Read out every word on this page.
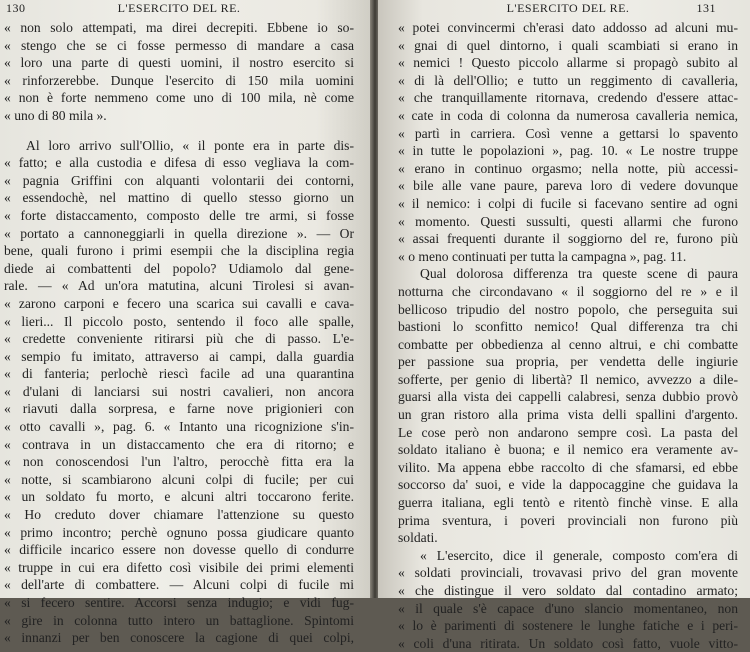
130	L'ESERCITO DEL RE.
« non solo attempati, ma direi decrepiti. Ebbene io so-
« stengo che se ci fosse permesso di mandare a casa
« loro una parte di questi uomini, il nostro esercito si
« rinforzerebbe. Dunque l'esercito di 150 mila uomini
« non è forte nemmeno come uno di 100 mila, nè come
« uno di 80 mila ».
Al loro arrivo sull'Ollio, « il ponte era in parte dis-
« fatto; e alla custodia e difesa di esso vegliava la com-
« pagnia Griffini con alquanti volontarii dei contorni,
« essendochè, nel mattino di quello stesso giorno un
« forte distaccamento, composto delle tre armi, si fosse
« portato a cannoneggiarli in quella direzione ». — Or
bene, quali furono i primi esempii che la disciplina regia
diede ai combattenti del popolo? Udiamolo dal gene-
rale. — « Ad un'ora matutina, alcuni Tirolesi si avan-
« zarono carponi e fecero una scarica sui cavalli e cava-
« lieri... Il piccolo posto, sentendo il foco alle spalle,
« credette conveniente ritirarsi più che di passo. L'e-
« sempio fu imitato, attraverso ai campi, dalla guardia
« di fanteria; perlochè riescì facile ad una quarantina
« d'ulani di lanciarsi sui nostri cavalieri, non ancora
« riavuti dalla sorpresa, e farne nove prigionieri con
« otto cavalli », pag. 6. « Intanto una ricognizione s'in-
« contrava in un distaccamento che era di ritorno; e
« non conoscendosi l'un l'altro, perocchè fitta era la
« notte, si scambiarono alcuni colpi di fucile; per cui
« un soldato fu morto, e alcuni altri toccarono ferite.
« Ho creduto dover chiamare l'attenzione su questo
« primo incontro; perchè ognuno possa giudicare quanto
« difficile incarico essere non dovesse quello di condurre
« truppe in cui era difetto così visibile dei primi elementi
« dell'arte di combattere. — Alcuni colpi di fucile mi
« si fecero sentire. Accorsi senza indugio; e vidi fug-
« gire in colonna tutto intero un battaglione. Spintomi
« innanzi per ben conoscere la cagione di quei colpi,
L'ESERCITO DEL RE.	131
« potei convincermi ch'erasi dato addosso ad alcuni mu-
« gnai di quel dintorno, i quali scambiati si erano in
« nemici ! Questo piccolo allarme si propagò subito al
« di là dell'Ollio; e tutto un reggimento di cavalleria,
« che tranquillamente ritornava, credendo d'essere attac-
« cate in coda di colonna da numerosa cavalleria nemica,
« partì in carriera. Così venne a gettarsi lo spavento
« in tutte le popolazioni », pag. 10. « Le nostre truppe
« erano in continuo orgasmo; nella notte, più accessi-
« bile alle vane paure, pareva loro di vedere dovunque
« il nemico: i colpi di fucile si facevano sentire ad ogni
« momento. Questi sussulti, questi allarmi che furono
« assai frequenti durante il soggiorno del re, furono più
« o meno continuati per tutta la campagna », pag. 11.
Qual dolorosa differenza tra queste scene di paura
notturna che circondavano « il soggiorno del re » e il
bellicoso tripudio del nostro popolo, che perseguita sui
bastioni lo sconfitto nemico! Qual differenza tra chi
combatte per obbedienza al cenno altrui, e chi combatte
per passione sua propria, per vendetta delle ingiurie
sofferte, per genio di libertà? Il nemico, avvezzo a dile-
guarsi alla vista dei cappelli calabresi, senza dubbio provò
un gran ristoro alla prima vista delli spallini d'argento.
Le cose però non andarono sempre così. La pasta del
soldato italiano è buona; e il nemico era veramente av-
vilito. Ma appena ebbe raccolto di che sfamarsi, ed ebbe
soccorso da' suoi, e vide la dappocaggine che guidava la
guerra italiana, egli tentò e ritentò finchè vinse. E alla
prima sventura, i poveri provinciali non furono più
soldati.
« L'esercito, dice il generale, composto com'era di
« soldati provinciali, trovavasi privo del gran movente
« che distingue il vero soldato dal contadino armato;
« il quale s'è capace d'uno slancio momentaneo, non
« lo è parimenti di sostenere le lunghe fatiche e i peri-
« coli d'una ritirata. Un soldato così fatto, vuole vitto-
